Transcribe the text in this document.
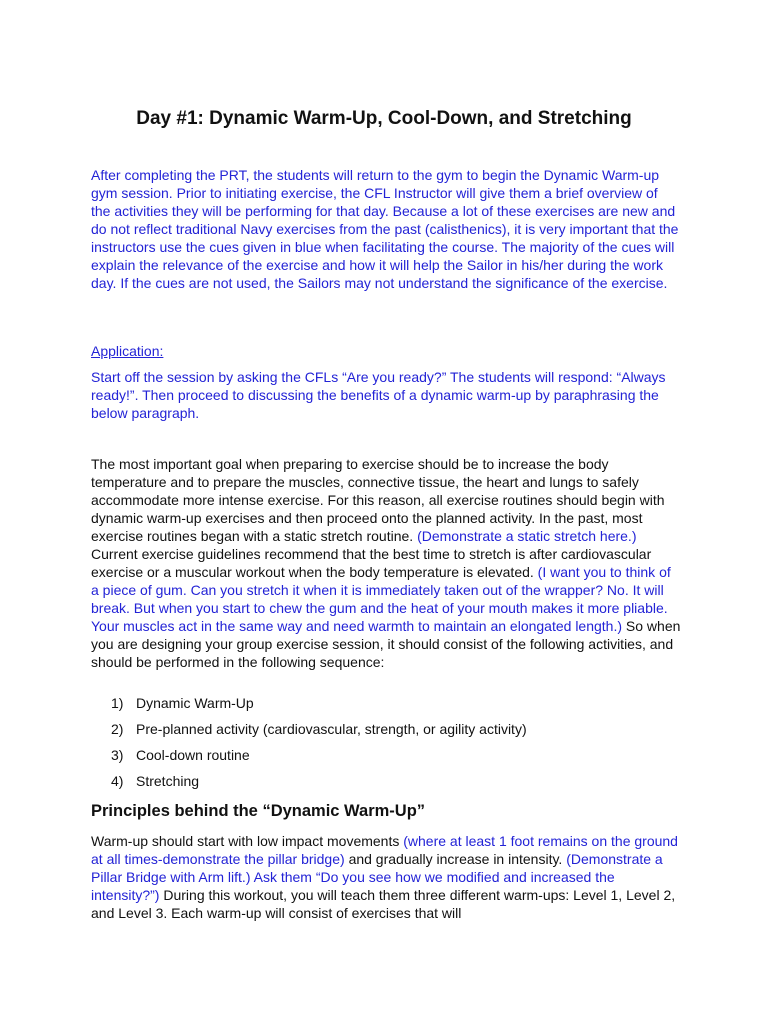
Day #1: Dynamic Warm-Up, Cool-Down, and Stretching

After completing the PRT, the students will return to the gym to begin the Dynamic Warm-up gym session. Prior to initiating exercise, the CFL Instructor will give them a brief overview of the activities they will be performing for that day. Because a lot of these exercises are new and do not reflect traditional Navy exercises from the past (calisthenics), it is very important that the instructors use the cues given in blue when facilitating the course. The majority of the cues will explain the relevance of the exercise and how it will help the Sailor in his/her during the work day. If the cues are not used, the Sailors may not understand the significance of the exercise.

Application:

Start off the session by asking the CFLs “Are you ready?” The students will respond: “Always ready!”. Then proceed to discussing the benefits of a dynamic warm-up by paraphrasing the below paragraph.

The most important goal when preparing to exercise should be to increase the body temperature and to prepare the muscles, connective tissue, the heart and lungs to safely accommodate more intense exercise. For this reason, all exercise routines should begin with dynamic warm-up exercises and then proceed onto the planned activity. In the past, most exercise routines began with a static stretch routine. (Demonstrate a static stretch here.) Current exercise guidelines recommend that the best time to stretch is after cardiovascular exercise or a muscular workout when the body temperature is elevated. (I want you to think of a piece of gum. Can you stretch it when it is immediately taken out of the wrapper? No. It will break. But when you start to chew the gum and the heat of your mouth makes it more pliable. Your muscles act in the same way and need warmth to maintain an elongated length.) So when you are designing your group exercise session, it should consist of the following activities, and should be performed in the following sequence:

1) Dynamic Warm-Up
2) Pre-planned activity (cardiovascular, strength, or agility activity)
3) Cool-down routine
4) Stretching
Principles behind the “Dynamic Warm-Up”

Warm-up should start with low impact movements (where at least 1 foot remains on the ground at all times-demonstrate the pillar bridge) and gradually increase in intensity. (Demonstrate a Pillar Bridge with Arm lift.) Ask them “Do you see how we modified and increased the intensity?”) During this workout, you will teach them three different warm-ups: Level 1, Level 2, and Level 3. Each warm-up will consist of exercises that will
